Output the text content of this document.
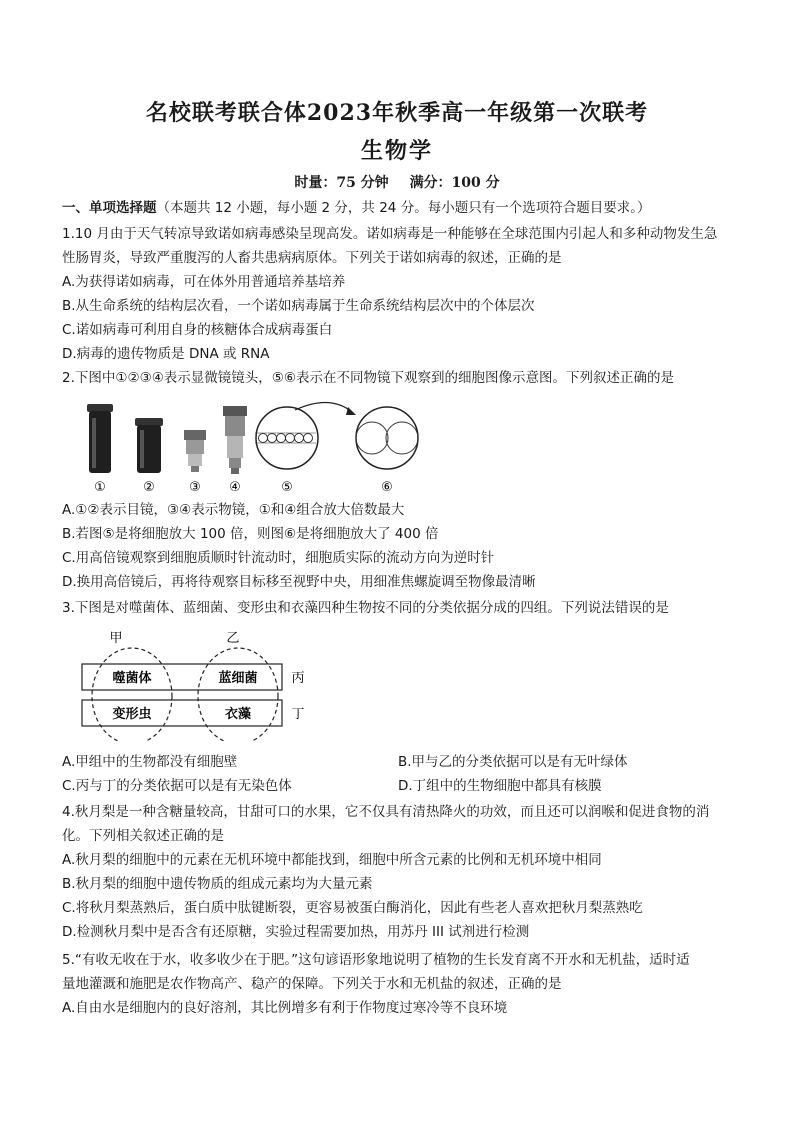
名校联考联合体2023年秋季高一年级第一次联考
生物学
时量：75 分钟 满分：100 分
一、单项选择题（本题共 12 小题，每小题 2 分，共 24 分。每小题只有一个选项符合题目要求。）
1.10 月由于天气转凉导致诺如病毒感染呈现高发。诺如病毒是一种能够在全球范围内引起人和多种动物发生急
性肠胃炎，导致严重腹泻的人畜共患病病原体。下列关于诺如病毒的叙述，正确的是
A.为获得诺如病毒，可在体外用普通培养基培养
B.从生命系统的结构层次看，一个诺如病毒属于生命系统结构层次中的个体层次
C.诺如病毒可利用自身的核糖体合成病毒蛋白
D.病毒的遗传物质是 DNA 或 RNA
2.下图中①②③④表示显微镜镜头，⑤⑥表示在不同物镜下观察到的细胞图像示意图。下列叙述正确的是
①	②	③ ④	⑤	⑥
A.①②表示目镜，③④表示物镜，①和④组合放大倍数最大
B.若图⑤是将细胞放大 100 倍，则图⑥是将细胞放大了 400 倍
C.用高倍镜观察到细胞质顺时针流动时，细胞质实际的流动方向为逆时针
D.换用高倍镜后，再将待观察目标移至视野中央，用细准焦螺旋调至物像最清晰
3.下图是对噬菌体、蓝细菌、变形虫和衣藻四种生物按不同的分类依据分成的四组。下列说法错误的是
甲	乙
噬菌体	蓝细菌
变形虫	衣藻
丙
丁
A.甲组中的生物都没有细胞壁	B.甲与乙的分类依据可以是有无叶绿体
C.丙与丁的分类依据可以是有无染色体	D.丁组中的生物细胞中都具有核膜
4.秋月梨是一种含糖量较高，甘甜可口的水果，它不仅具有清热降火的功效，而且还可以润喉和促进食物的消
化。下列相关叙述正确的是
A.秋月梨的细胞中的元素在无机环境中都能找到，细胞中所含元素的比例和无机环境中相同
B.秋月梨的细胞中遗传物质的组成元素均为大量元素
C.将秋月梨蒸熟后，蛋白质中肽键断裂，更容易被蛋白酶消化，因此有些老人喜欢把秋月梨蒸熟吃
D.检测秋月梨中是否含有还原糖，实验过程需要加热，用苏丹 III 试剂进行检测
5.“有收无收在于水，收多收少在于肥。”这句谚语形象地说明了植物的生长发育离不开水和无机盐，适时适
量地灌溉和施肥是农作物高产、稳产的保障。下列关于水和无机盐的叙述，正确的是
A.自由水是细胞内的良好溶剂，其比例增多有利于作物度过寒冷等不良环境
